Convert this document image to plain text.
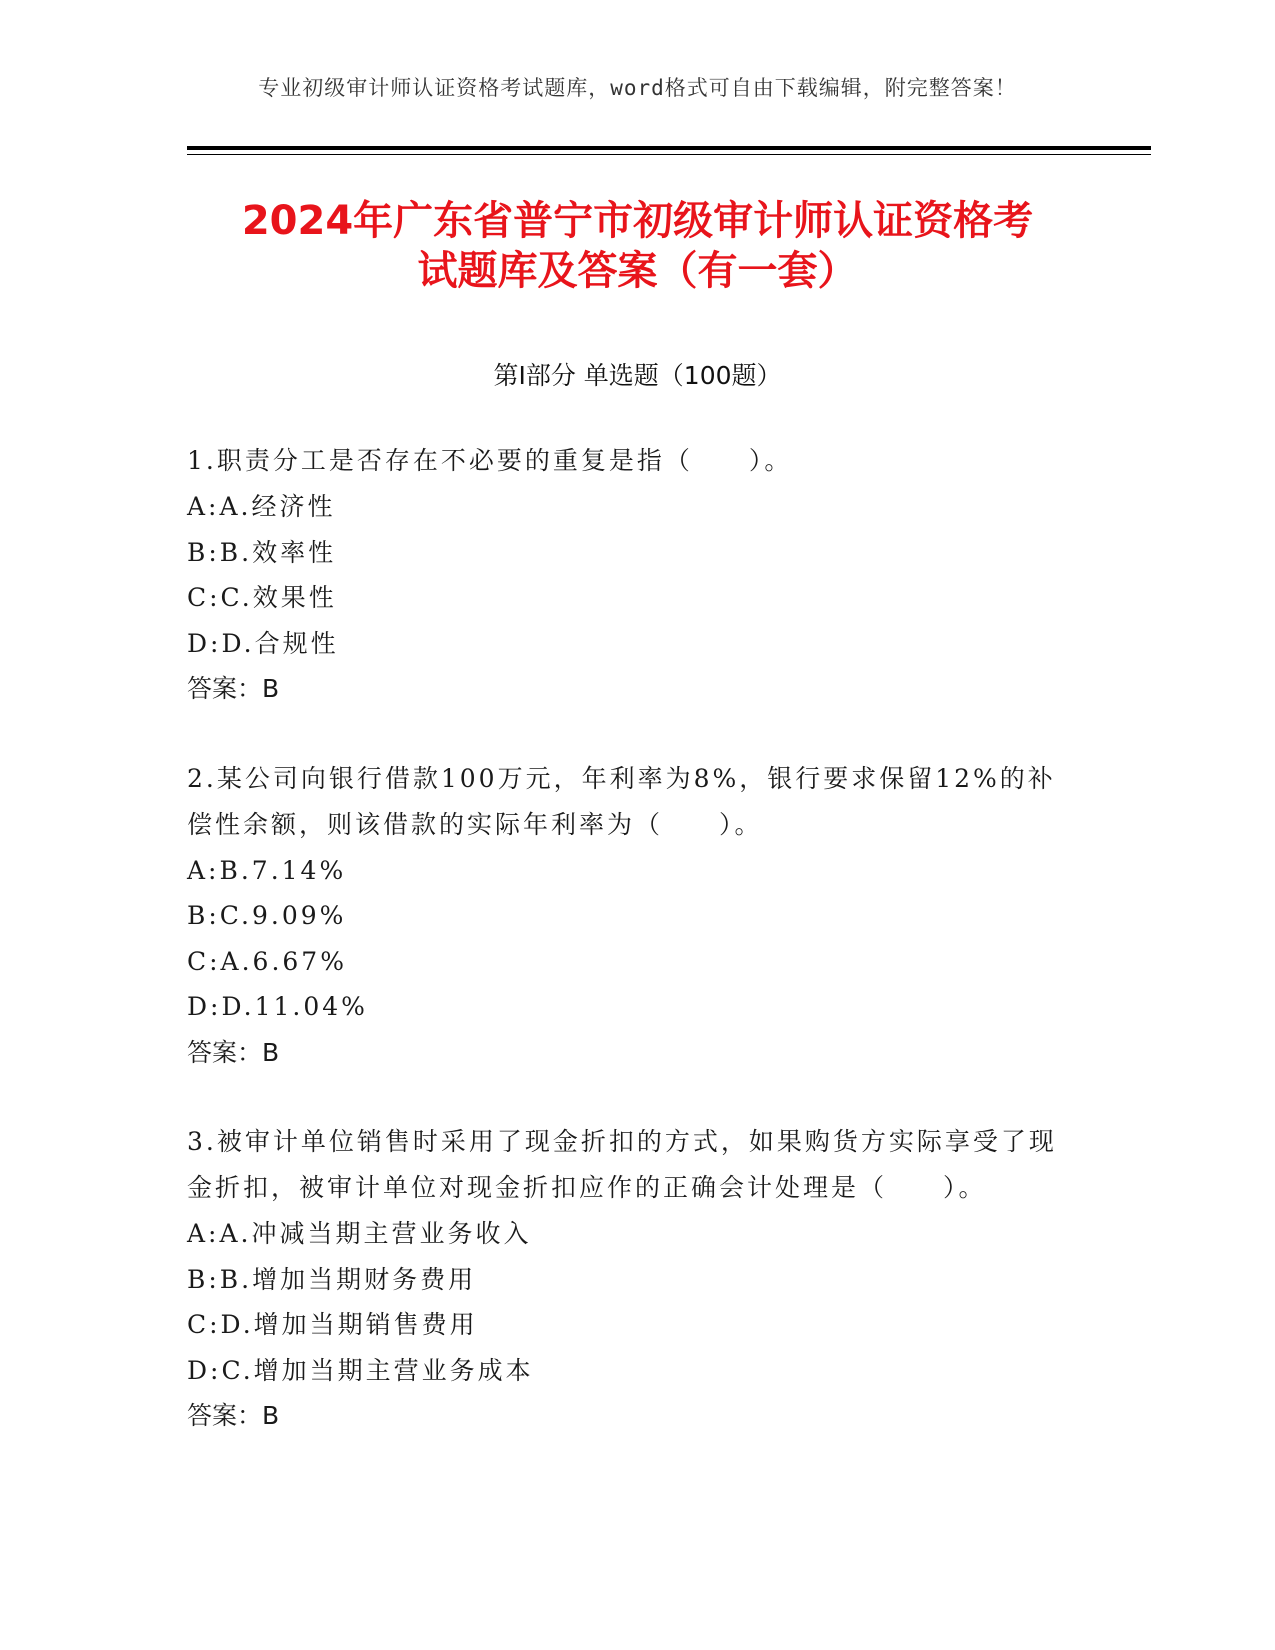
专业初级审计师认证资格考试题库，word格式可自由下载编辑，附完整答案！
2024年广东省普宁市初级审计师认证资格考
试题库及答案（有一套）
第Ⅰ部分 单选题（100题）

1.职责分工是否存在不必要的重复是指（　　）。

A:A.经济性
B:B.效率性
C:C.效果性
D:D.合规性
答案：B

2.某公司向银行借款100万元，年利率为8%，银行要求保留12%的补偿性余额，则该借款的实际年利率为（　　）。

A:B.7.14%
B:C.9.09%
C:A.6.67%
D:D.11.04%
答案：B

3.被审计单位销售时采用了现金折扣的方式，如果购货方实际享受了现金折扣，被审计单位对现金折扣应作的正确会计处理是（　　）。

A:A.冲减当期主营业务收入
B:B.增加当期财务费用
C:D.增加当期销售费用
D:C.增加当期主营业务成本
答案：B
